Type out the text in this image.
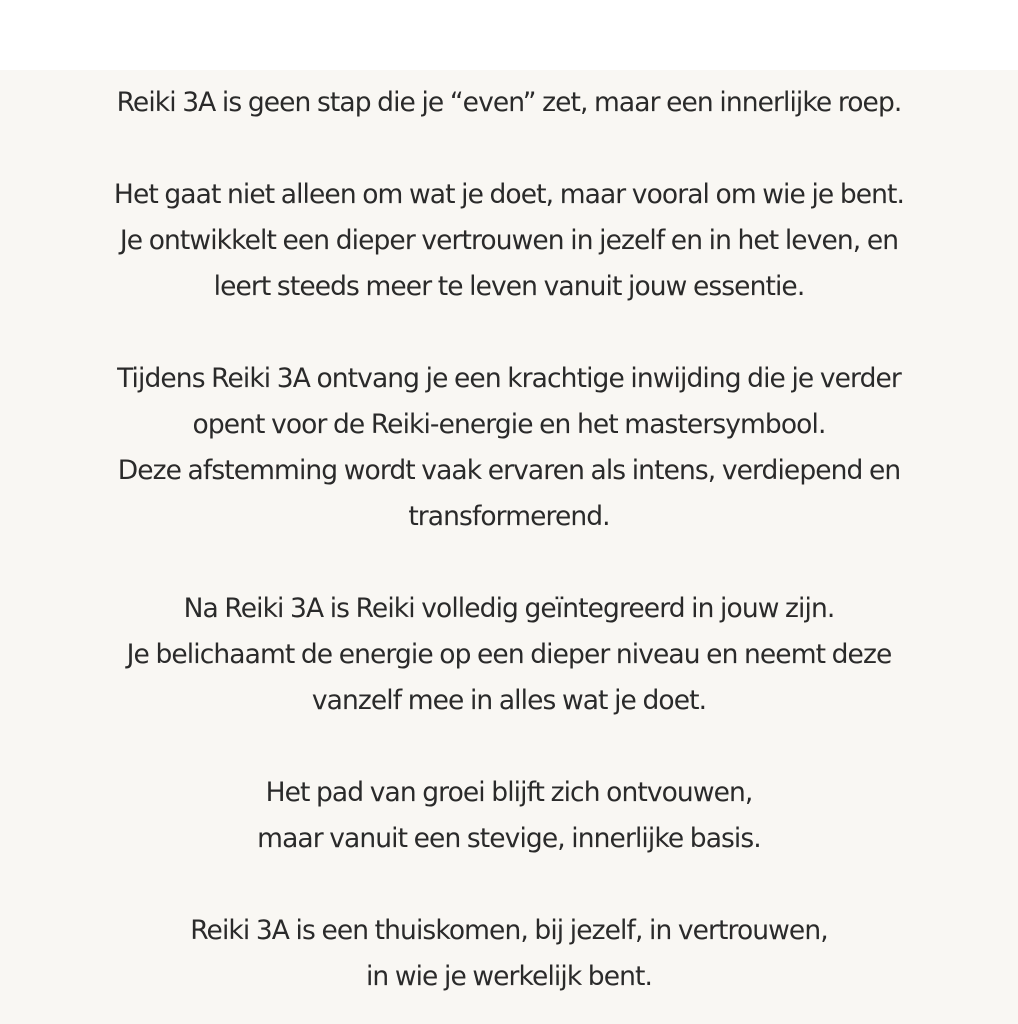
Reiki 3A is geen stap die je “even” zet, maar een innerlijke roep.

Het gaat niet alleen om wat je doet, maar vooral om wie je bent.
Je ontwikkelt een dieper vertrouwen in jezelf en in het leven, en
leert steeds meer te leven vanuit jouw essentie.

Tijdens Reiki 3A ontvang je een krachtige inwijding die je verder
opent voor de Reiki-energie en het mastersymbool.
Deze afstemming wordt vaak ervaren als intens, verdiepend en
transformerend.

Na Reiki 3A is Reiki volledig geïntegreerd in jouw zijn.
Je belichaamt de energie op een dieper niveau en neemt deze
vanzelf mee in alles wat je doet.

Het pad van groei blijft zich ontvouwen,
maar vanuit een stevige, innerlijke basis.

Reiki 3A is een thuiskomen, bij jezelf, in vertrouwen,
in wie je werkelijk bent.
